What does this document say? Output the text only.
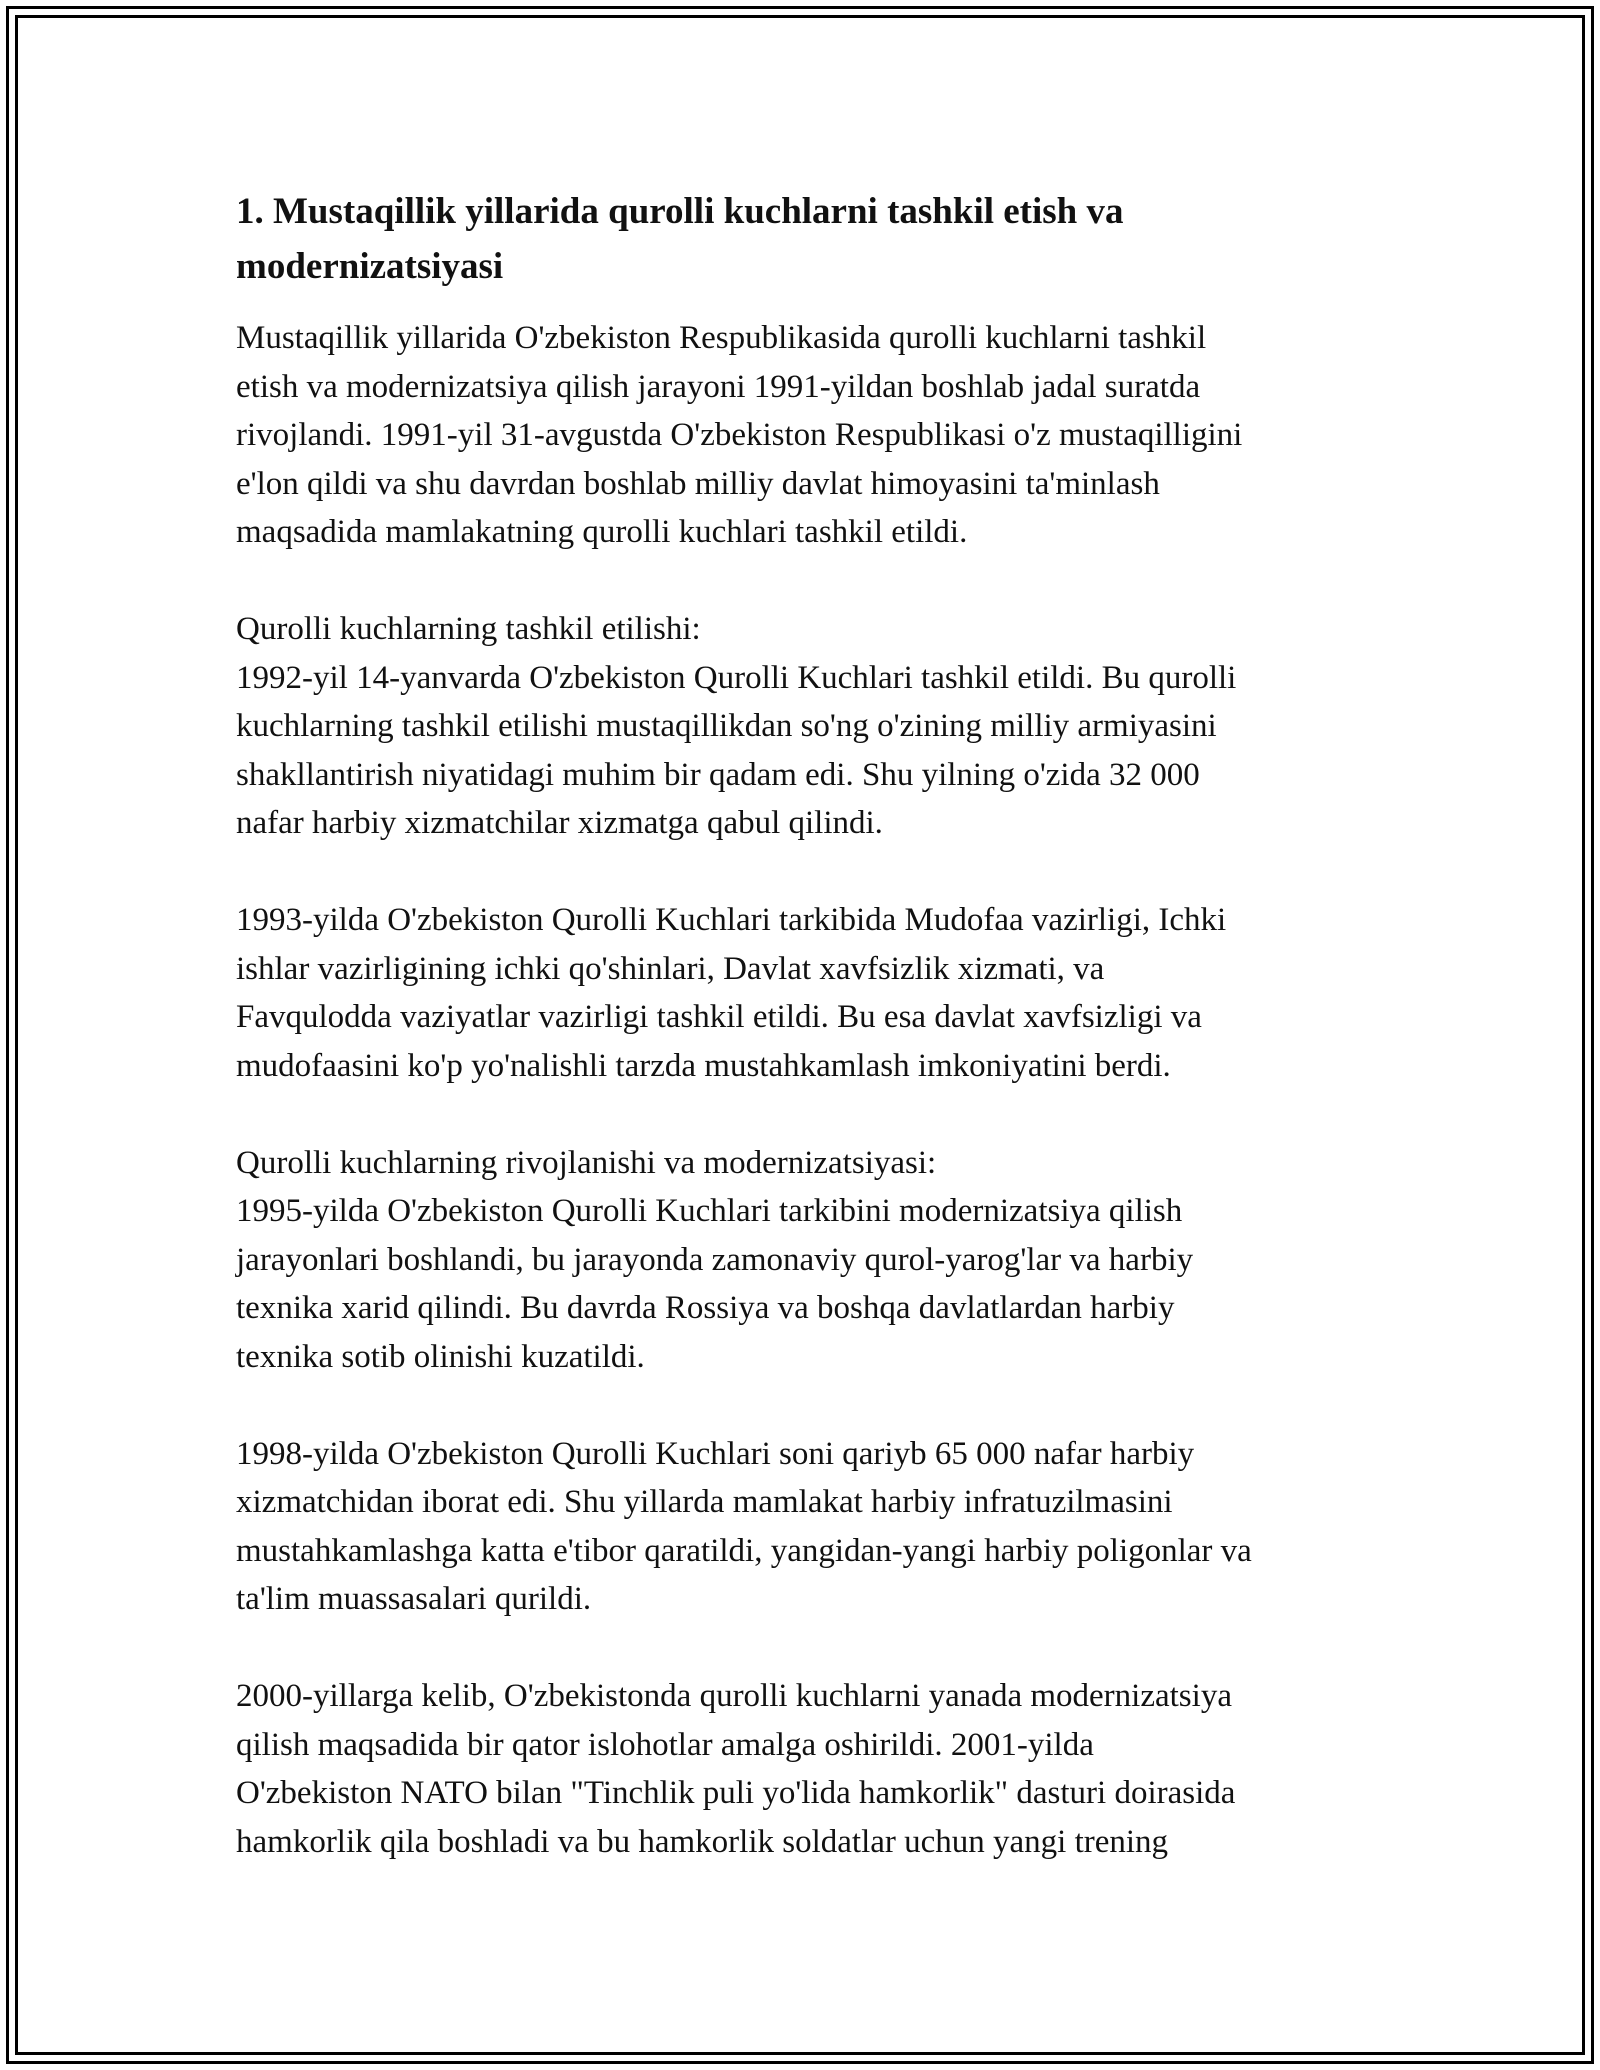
1. Mustaqillik yillarida qurolli kuchlarni tashkil etish va
modernizatsiyasi

Mustaqillik yillarida O'zbekiston Respublikasida qurolli kuchlarni tashkil
etish va modernizatsiya qilish jarayoni 1991-yildan boshlab jadal suratda
rivojlandi. 1991-yil 31-avgustda O'zbekiston Respublikasi o'z mustaqilligini
e'lon qildi va shu davrdan boshlab milliy davlat himoyasini ta'minlash
maqsadida mamlakatning qurolli kuchlari tashkil etildi.

Qurolli kuchlarning tashkil etilishi:
1992-yil 14-yanvarda O'zbekiston Qurolli Kuchlari tashkil etildi. Bu qurolli
kuchlarning tashkil etilishi mustaqillikdan so'ng o'zining milliy armiyasini
shakllantirish niyatidagi muhim bir qadam edi. Shu yilning o'zida 32 000
nafar harbiy xizmatchilar xizmatga qabul qilindi.

1993-yilda O'zbekiston Qurolli Kuchlari tarkibida Mudofaa vazirligi, Ichki
ishlar vazirligining ichki qo'shinlari, Davlat xavfsizlik xizmati, va
Favqulodda vaziyatlar vazirligi tashkil etildi. Bu esa davlat xavfsizligi va
mudofaasini ko'p yo'nalishli tarzda mustahkamlash imkoniyatini berdi.

Qurolli kuchlarning rivojlanishi va modernizatsiyasi:
1995-yilda O'zbekiston Qurolli Kuchlari tarkibini modernizatsiya qilish
jarayonlari boshlandi, bu jarayonda zamonaviy qurol-yarog'lar va harbiy
texnika xarid qilindi. Bu davrda Rossiya va boshqa davlatlardan harbiy
texnika sotib olinishi kuzatildi.

1998-yilda O'zbekiston Qurolli Kuchlari soni qariyb 65 000 nafar harbiy
xizmatchidan iborat edi. Shu yillarda mamlakat harbiy infratuzilmasini
mustahkamlashga katta e'tibor qaratildi, yangidan-yangi harbiy poligonlar va
ta'lim muassasalari qurildi.

2000-yillarga kelib, O'zbekistonda qurolli kuchlarni yanada modernizatsiya
qilish maqsadida bir qator islohotlar amalga oshirildi. 2001-yilda
O'zbekiston NATO bilan "Tinchlik puli yo'lida hamkorlik" dasturi doirasida
hamkorlik qila boshladi va bu hamkorlik soldatlar uchun yangi trening
